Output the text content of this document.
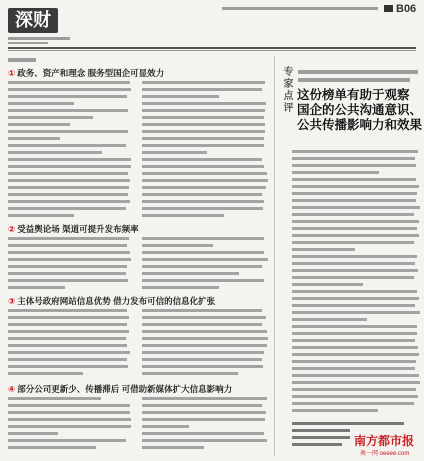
深财
B06
① 政务、资产和理念 服务型国企可显效力
② 受益舆论场 渠道可提升发布频率
③ 主体号政府网站信息优势 借力发布可信的信息化扩张
④ 部分公司更新少、传播滞后 可借助新媒体扩大信息影响力
专家点评 这份榜单有助于观察
国企的公共沟通意识、
公共传播影响力和效果
南方都市报
奥一网 oeeee.com
